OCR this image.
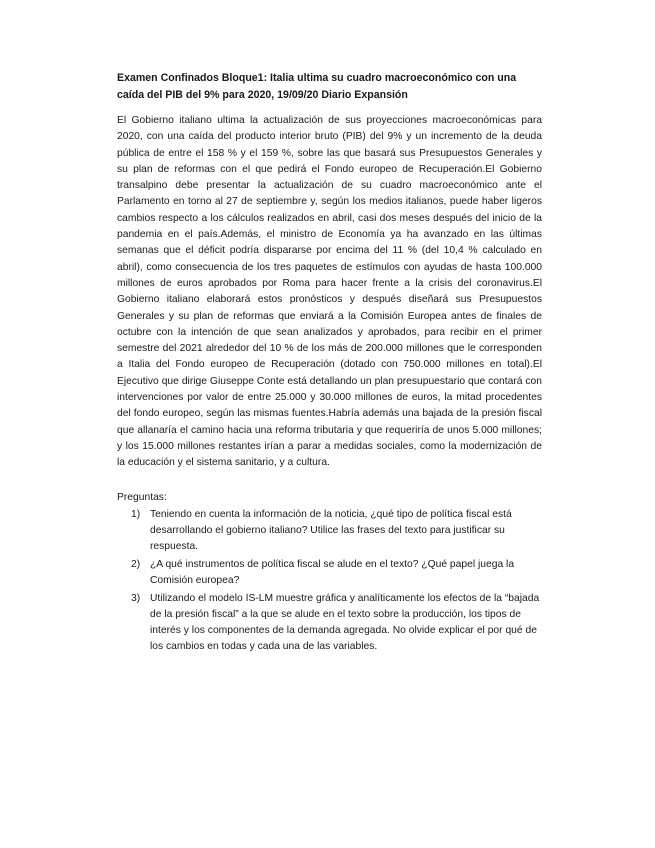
Examen Confinados Bloque1: Italia ultima su cuadro macroeconómico con una caída del PIB del 9% para 2020, 19/09/20 Diario Expansión

El Gobierno italiano ultima la actualización de sus proyecciones macroeconómicas para 2020, con una caída del producto interior bruto (PIB) del 9% y un incremento de la deuda pública de entre el 158 % y el 159 %, sobre las que basará sus Presupuestos Generales y su plan de reformas con el que pedirá el Fondo europeo de Recuperación.El Gobierno transalpino debe presentar la actualización de su cuadro macroeconómico ante el Parlamento en torno al 27 de septiembre y, según los medios italianos, puede haber ligeros cambios respecto a los cálculos realizados en abril, casi dos meses después del inicio de la pandemia en el país.Además, el ministro de Economía ya ha avanzado en las últimas semanas que el déficit podría dispararse por encima del 11 % (del 10,4 % calculado en abril), como consecuencia de los tres paquetes de estímulos con ayudas de hasta 100.000 millones de euros aprobados por Roma para hacer frente a la crisis del coronavirus.El Gobierno italiano elaborará estos pronósticos y después diseñará sus Presupuestos Generales y su plan de reformas que enviará a la Comisión Europea antes de finales de octubre con la intención de que sean analizados y aprobados, para recibir en el primer semestre del 2021 alrededor del 10 % de los más de 200.000 millones que le corresponden a Italia del Fondo europeo de Recuperación (dotado con 750.000 millones en total).El Ejecutivo que dirige Giuseppe Conte está detallando un plan presupuestario que contará con intervenciones por valor de entre 25.000 y 30.000 millones de euros, la mitad procedentes del fondo europeo, según las mismas fuentes.Habría además una bajada de la presión fiscal que allanaría el camino hacia una reforma tributaria y que requeriría de unos 5.000 millones; y los 15.000 millones restantes irían a parar a medidas sociales, como la modernización de la educación y el sistema sanitario, y a cultura.

Preguntas:

1) Teniendo en cuenta la información de la noticia, ¿qué tipo de política fiscal está desarrollando el gobierno italiano? Utilice las frases del texto para justificar su respuesta.
2) ¿A qué instrumentos de política fiscal se alude en el texto? ¿Qué papel juega la Comisión europea?
3) Utilizando el modelo IS-LM muestre gráfica y analíticamente los efectos de la “bajada de la presión fiscal” a la que se alude en el texto sobre la producción, los tipos de interés y los componentes de la demanda agregada. No olvide explicar el por qué de los cambios en todas y cada una de las variables.
